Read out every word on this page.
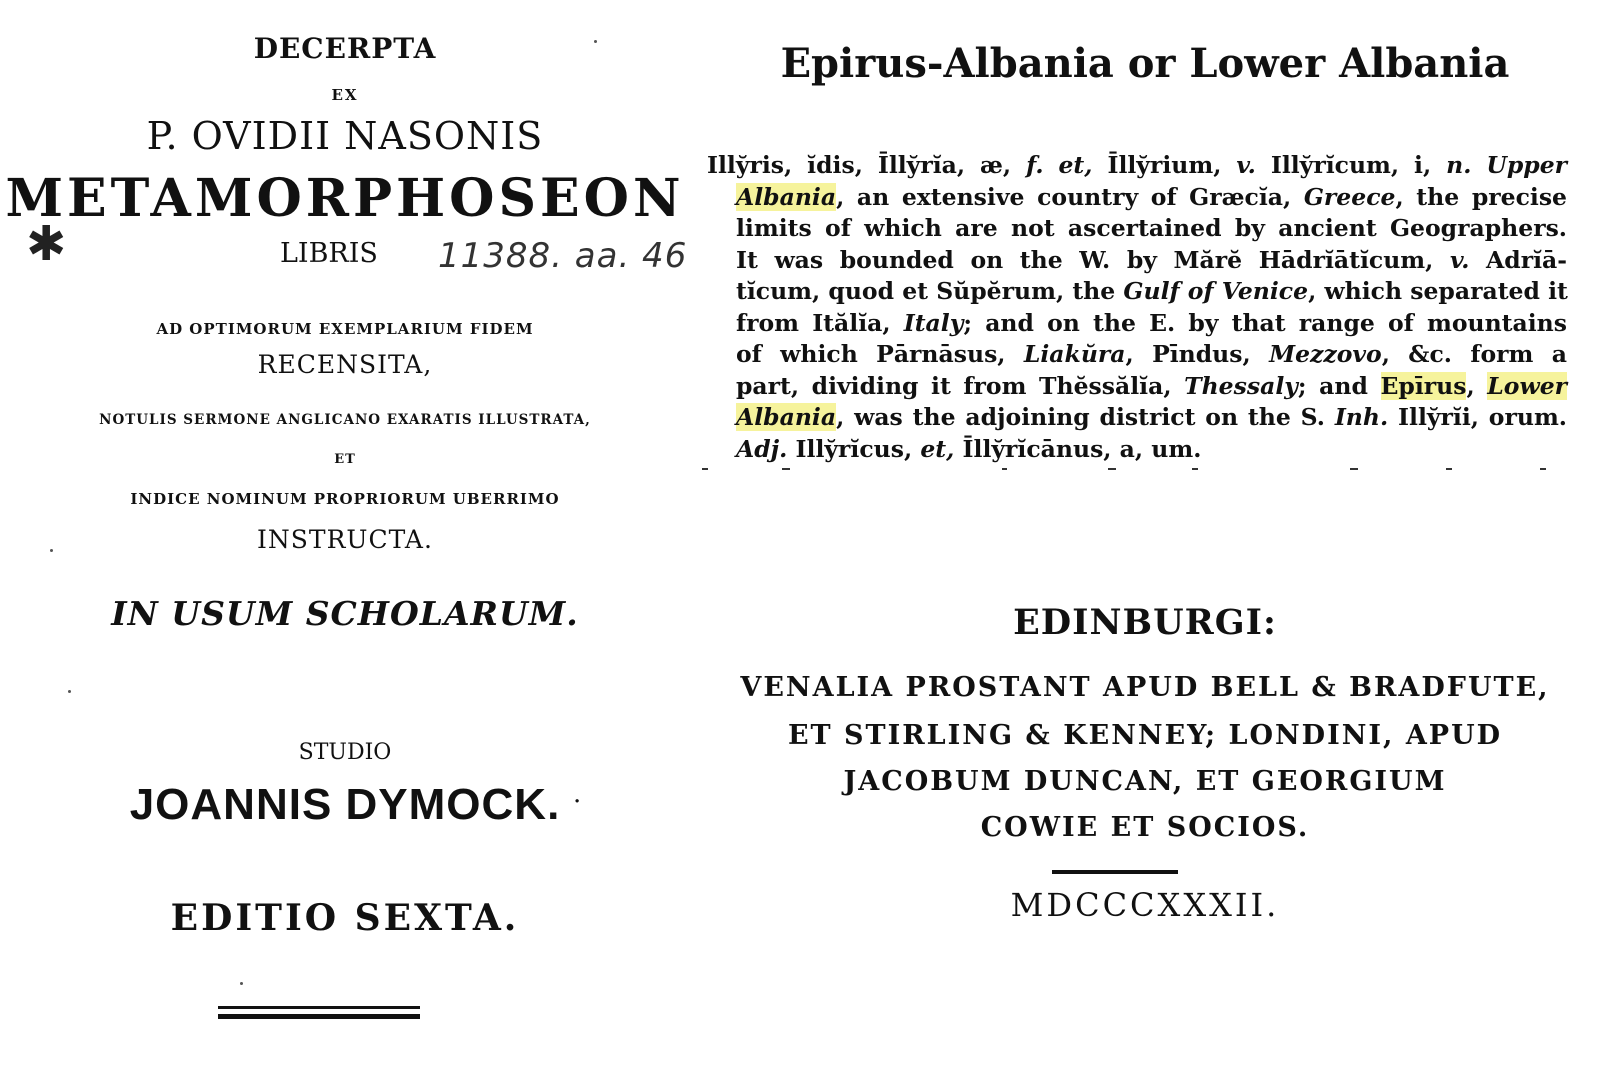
DECERPTA
EX
P. OVIDII NASONIS
METAMORPHOSEON
✱	LIBRIS 11388. aa. 46
AD OPTIMORUM EXEMPLARIUM FIDEM
RECENSITA,
NOTULIS SERMONE ANGLICANO EXARATIS ILLUSTRATA,
ET
INDICE NOMINUM PROPRIORUM UBERRIMO
INSTRUCTA.
IN USUM SCHOLARUM.
STUDIO
JOANNIS DYMOCK. ·
EDITIO SEXTA.
Epirus-Albania or Lower Albania
Illy̆ris, ĭdis, Īlly̆rĭa, æ, f. et, Īlly̆rium, v. Illy̆rĭcum, i, n. Upper
Albania, an extensive country of Græcĭa, Greece, the precise
limits of which are not ascertained by ancient Geographers.
It was bounded on the W. by Mărĕ Hādrĭātĭcum, v. Adrĭā-
tĭcum, quod et Sŭpĕrum, the Gulf of Venice, which separated it
from Itălĭa, Italy; and on the E. by that range of mountains
of which Pārnāsus, Liakŭra, Pīndus, Mezzovo, &c. form a
part, dividing it from Thĕssălĭa, Thessaly; and Epīrus, Lower
Albania, was the adjoining district on the S. Inh. Illy̆rĭi, orum.
Adj. Illy̆rĭcus, et, Īlly̆rĭcānus, a, um.
EDINBURGI:
VENALIA PROSTANT APUD BELL & BRADFUTE,
ET STIRLING & KENNEY; LONDINI, APUD
JACOBUM DUNCAN, ET GEORGIUM
COWIE ET SOCIOS.
MDCCCXXXII.
